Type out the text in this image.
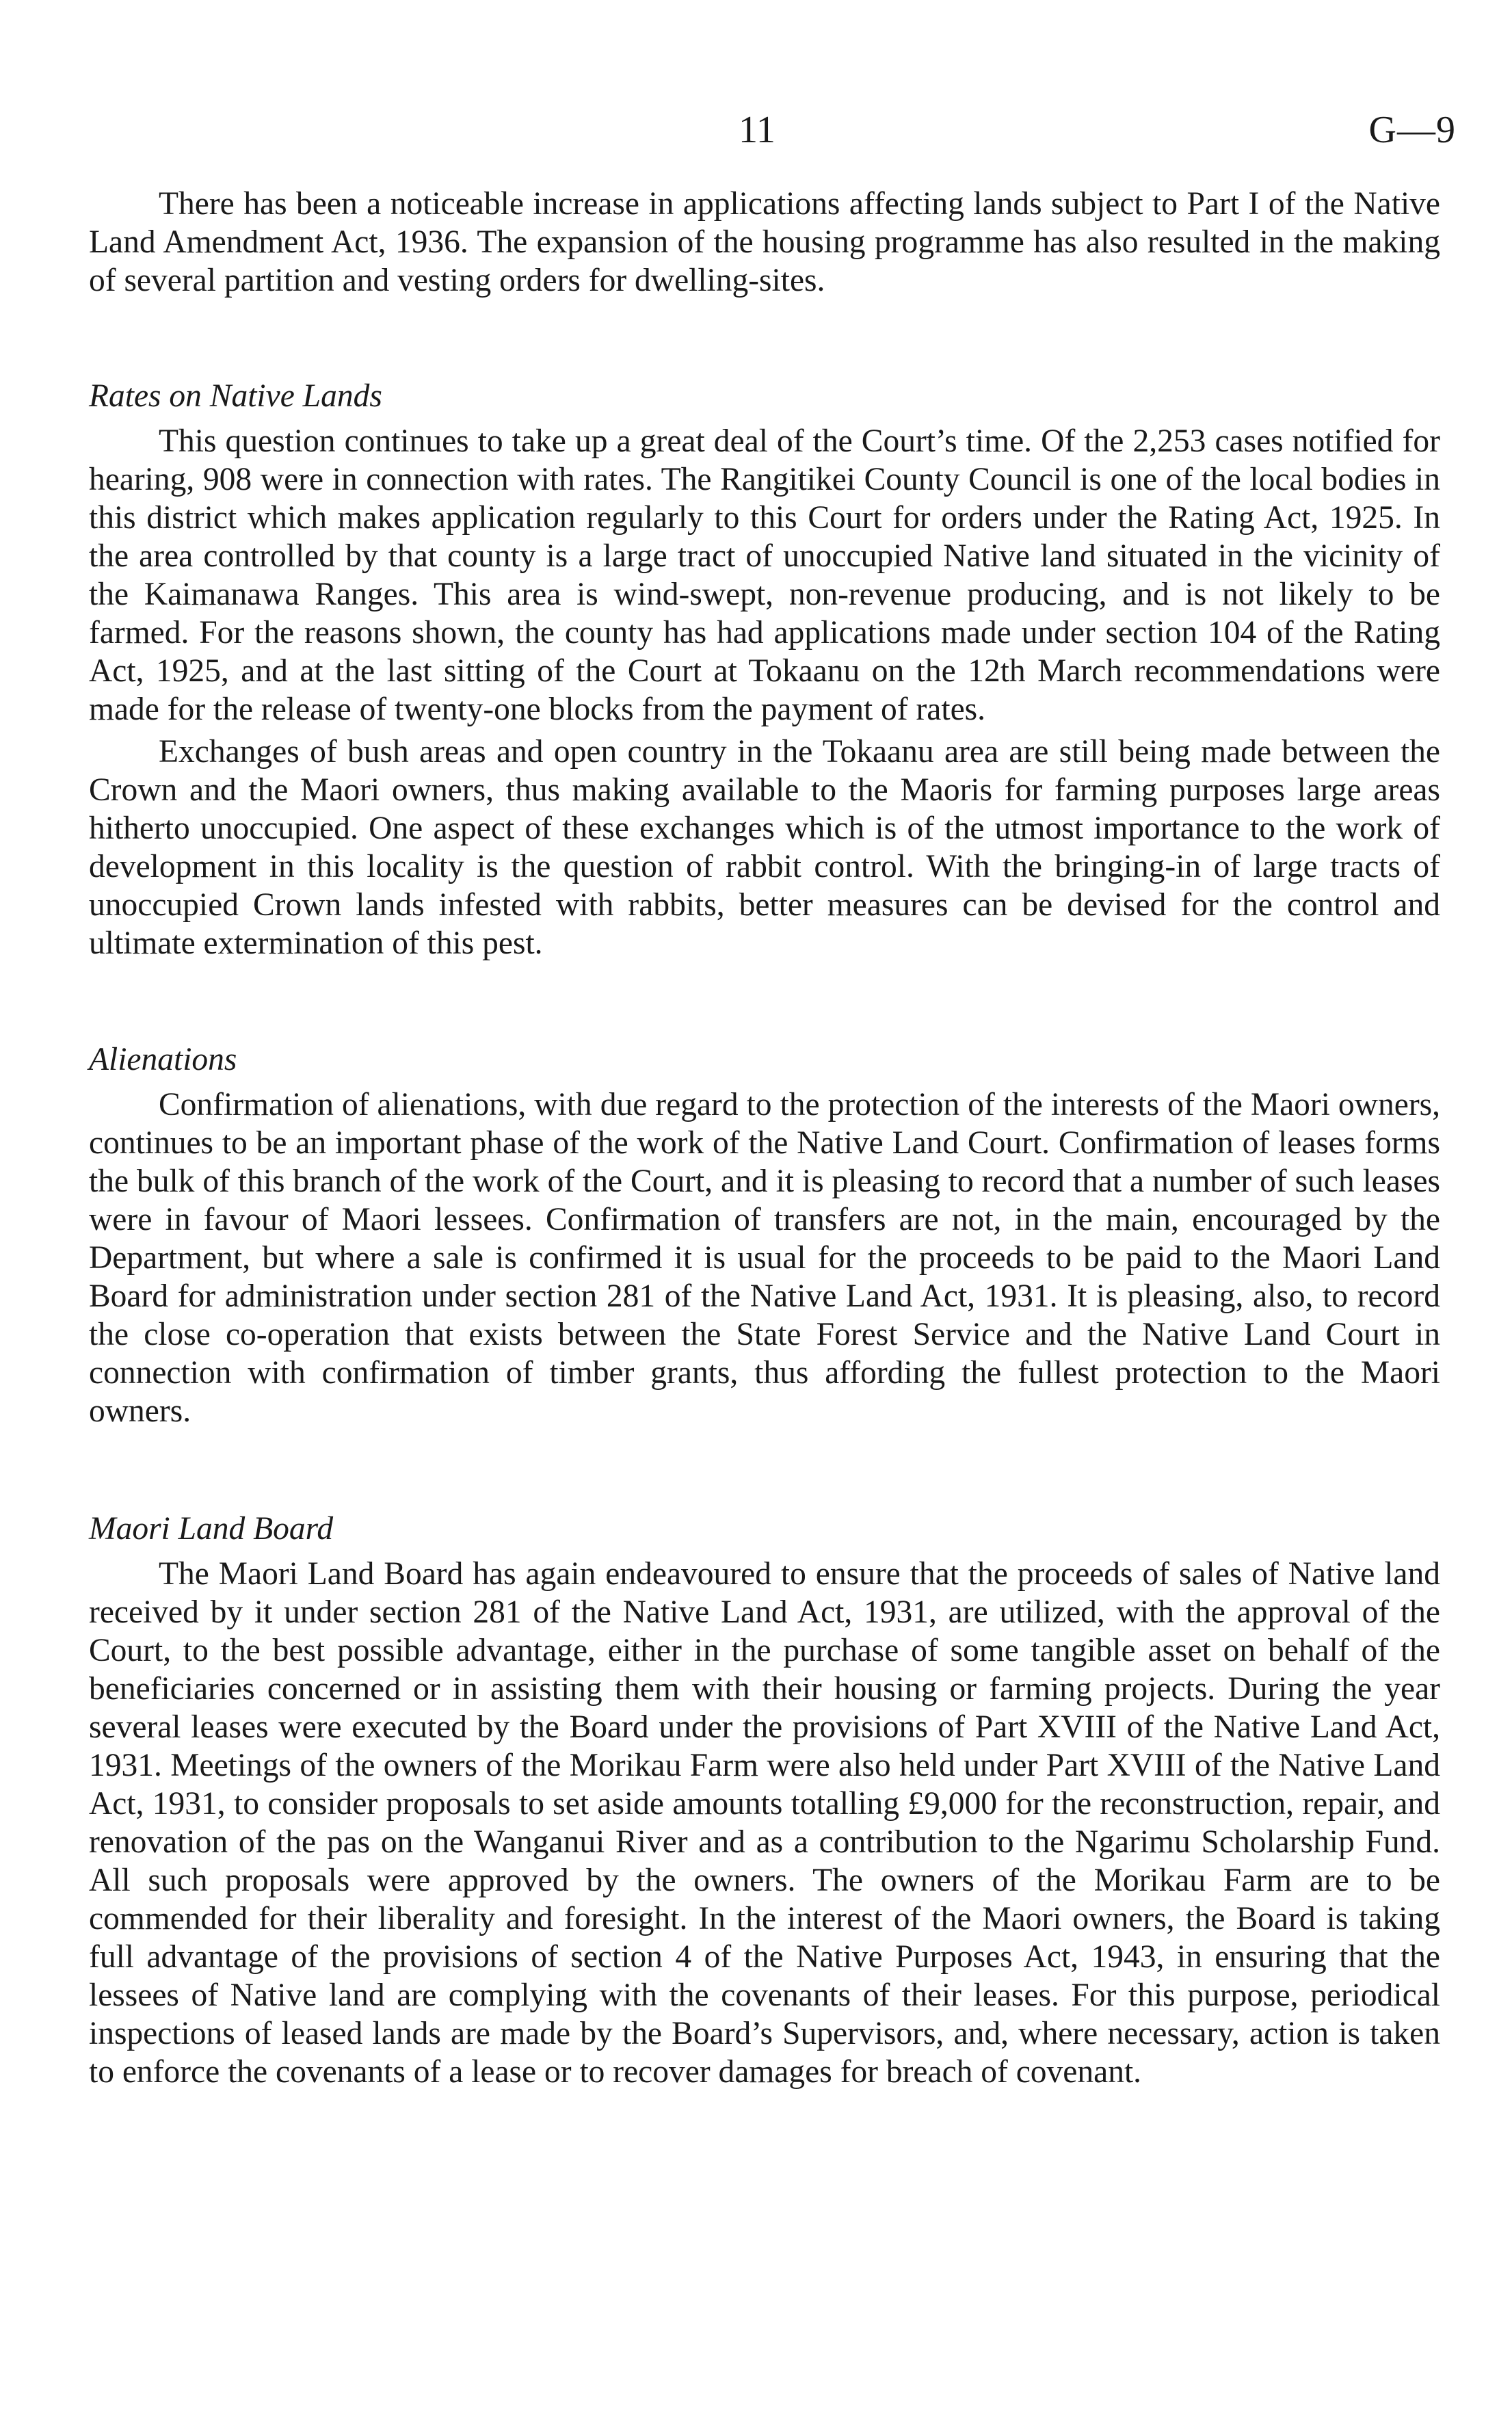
11	G—9

There has been a noticeable increase in applications affecting lands subject to Part I of the Native Land Amendment Act, 1936. The expansion of the housing programme has also resulted in the making of several partition and vesting orders for dwelling-sites.

Rates on Native Lands

This question continues to take up a great deal of the Court’s time. Of the 2,253 cases notified for hearing, 908 were in connection with rates. The Rangitikei County Council is one of the local bodies in this district which makes application regularly to this Court for orders under the Rating Act, 1925. In the area controlled by that county is a large tract of unoccupied Native land situated in the vicinity of the Kaimanawa Ranges. This area is wind-swept, non-revenue producing, and is not likely to be farmed. For the reasons shown, the county has had applications made under section 104 of the Rating Act, 1925, and at the last sitting of the Court at Tokaanu on the 12th March recommendations were made for the release of twenty-one blocks from the payment of rates.

Exchanges of bush areas and open country in the Tokaanu area are still being made between the Crown and the Maori owners, thus making available to the Maoris for farming purposes large areas hitherto unoccupied. One aspect of these exchanges which is of the utmost importance to the work of development in this locality is the question of rabbit control. With the bringing-in of large tracts of unoccupied Crown lands infested with rabbits, better measures can be devised for the control and ultimate extermination of this pest.

Alienations

Confirmation of alienations, with due regard to the protection of the interests of the Maori owners, continues to be an important phase of the work of the Native Land Court. Confirmation of leases forms the bulk of this branch of the work of the Court, and it is pleasing to record that a number of such leases were in favour of Maori lessees. Confirmation of transfers are not, in the main, encouraged by the Department, but where a sale is confirmed it is usual for the proceeds to be paid to the Maori Land Board for administration under section 281 of the Native Land Act, 1931. It is pleasing, also, to record the close co-operation that exists between the State Forest Service and the Native Land Court in connection with confirmation of timber grants, thus affording the fullest protection to the Maori owners.

Maori Land Board

The Maori Land Board has again endeavoured to ensure that the proceeds of sales of Native land received by it under section 281 of the Native Land Act, 1931, are utilized, with the approval of the Court, to the best possible advantage, either in the purchase of some tangible asset on behalf of the beneficiaries concerned or in assisting them with their housing or farming projects. During the year several leases were executed by the Board under the provisions of Part XVIII of the Native Land Act, 1931. Meetings of the owners of the Morikau Farm were also held under Part XVIII of the Native Land Act, 1931, to consider proposals to set aside amounts totalling £9,000 for the reconstruction, repair, and renovation of the pas on the Wanganui River and as a contribution to the Ngarimu Scholarship Fund. All such proposals were approved by the owners. The owners of the Morikau Farm are to be commended for their liberality and foresight. In the interest of the Maori owners, the Board is taking full advantage of the provisions of section 4 of the Native Purposes Act, 1943, in ensuring that the lessees of Native land are complying with the covenants of their leases. For this purpose, periodical inspections of leased lands are made by the Board’s Supervisors, and, where necessary, action is taken to enforce the covenants of a lease or to recover damages for breach of covenant.
